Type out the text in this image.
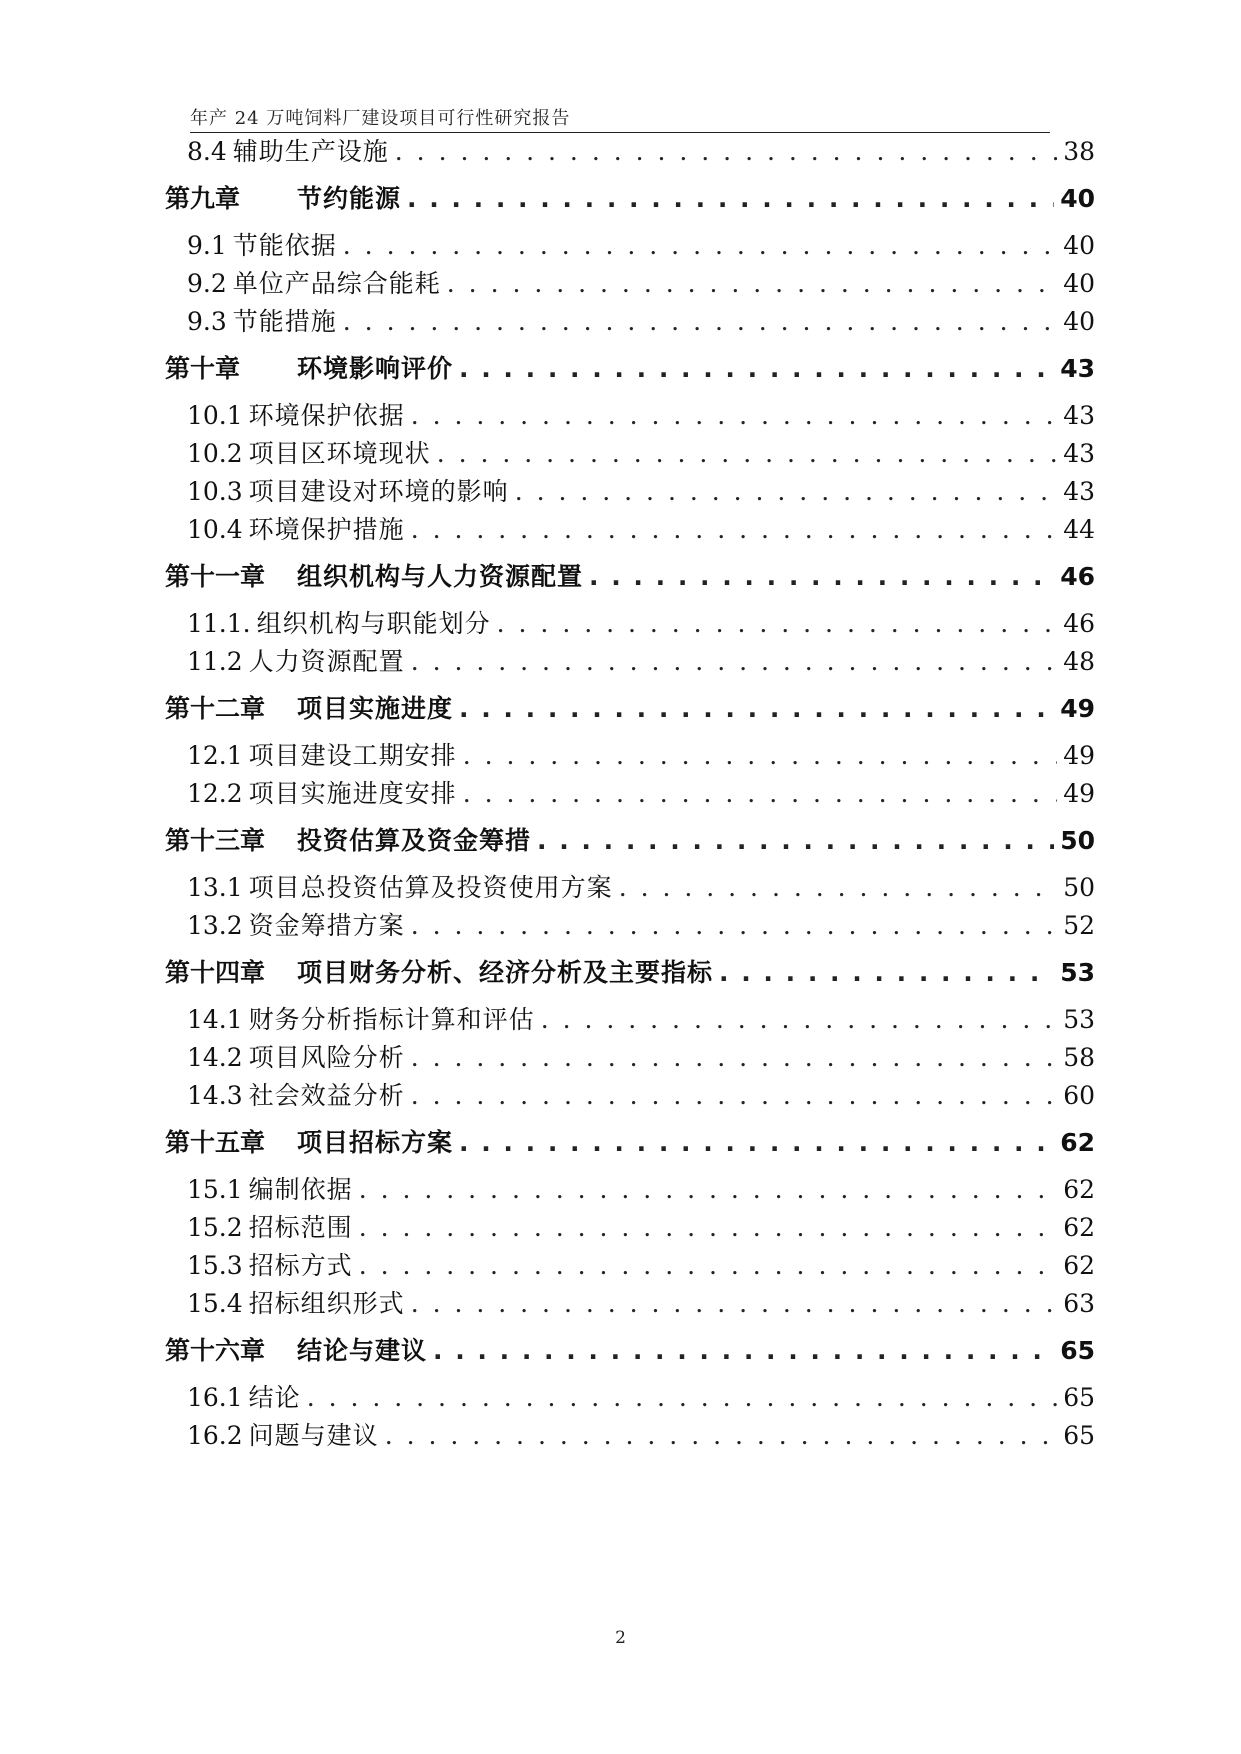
年产 24 万吨饲料厂建设项目可行性研究报告
8.4 辅助生产设施 . . .	38
第九章	节约能源 . . .	40
9.1 节能依据 . . .	40
9.2 单位产品综合能耗 . . .	40
9.3 节能措施 . . .	40
第十章	环境影响评价 . . .	43
10.1 环境保护依据 . . .	43
10.2 项目区环境现状 . . .	43
10.3 项目建设对环境的影响 . . .	43
10.4 环境保护措施 . . .	44
第十一章	组织机构与人力资源配置 . . .	46
11.1. 组织机构与职能划分 . . .	46
11.2 人力资源配置 . . .	48
第十二章	项目实施进度 . . .	49
12.1 项目建设工期安排 . . .	49
12.2 项目实施进度安排 . . .	49
第十三章	投资估算及资金筹措 . . .	50
13.1 项目总投资估算及投资使用方案 . . .	50
13.2 资金筹措方案 . . .	52
第十四章	项目财务分析、经济分析及主要指标 . . .	53
14.1 财务分析指标计算和评估 . . .	53
14.2 项目风险分析 . . .	58
14.3 社会效益分析 . . .	60
第十五章	项目招标方案 . . .	62
15.1 编制依据 . . .	62
15.2 招标范围 . . .	62
15.3 招标方式 . . .	62
15.4 招标组织形式 . . .	63
第十六章	结论与建议 . . .	65
16.1 结论 . . .	65
16.2 问题与建议 . . .	65
2
